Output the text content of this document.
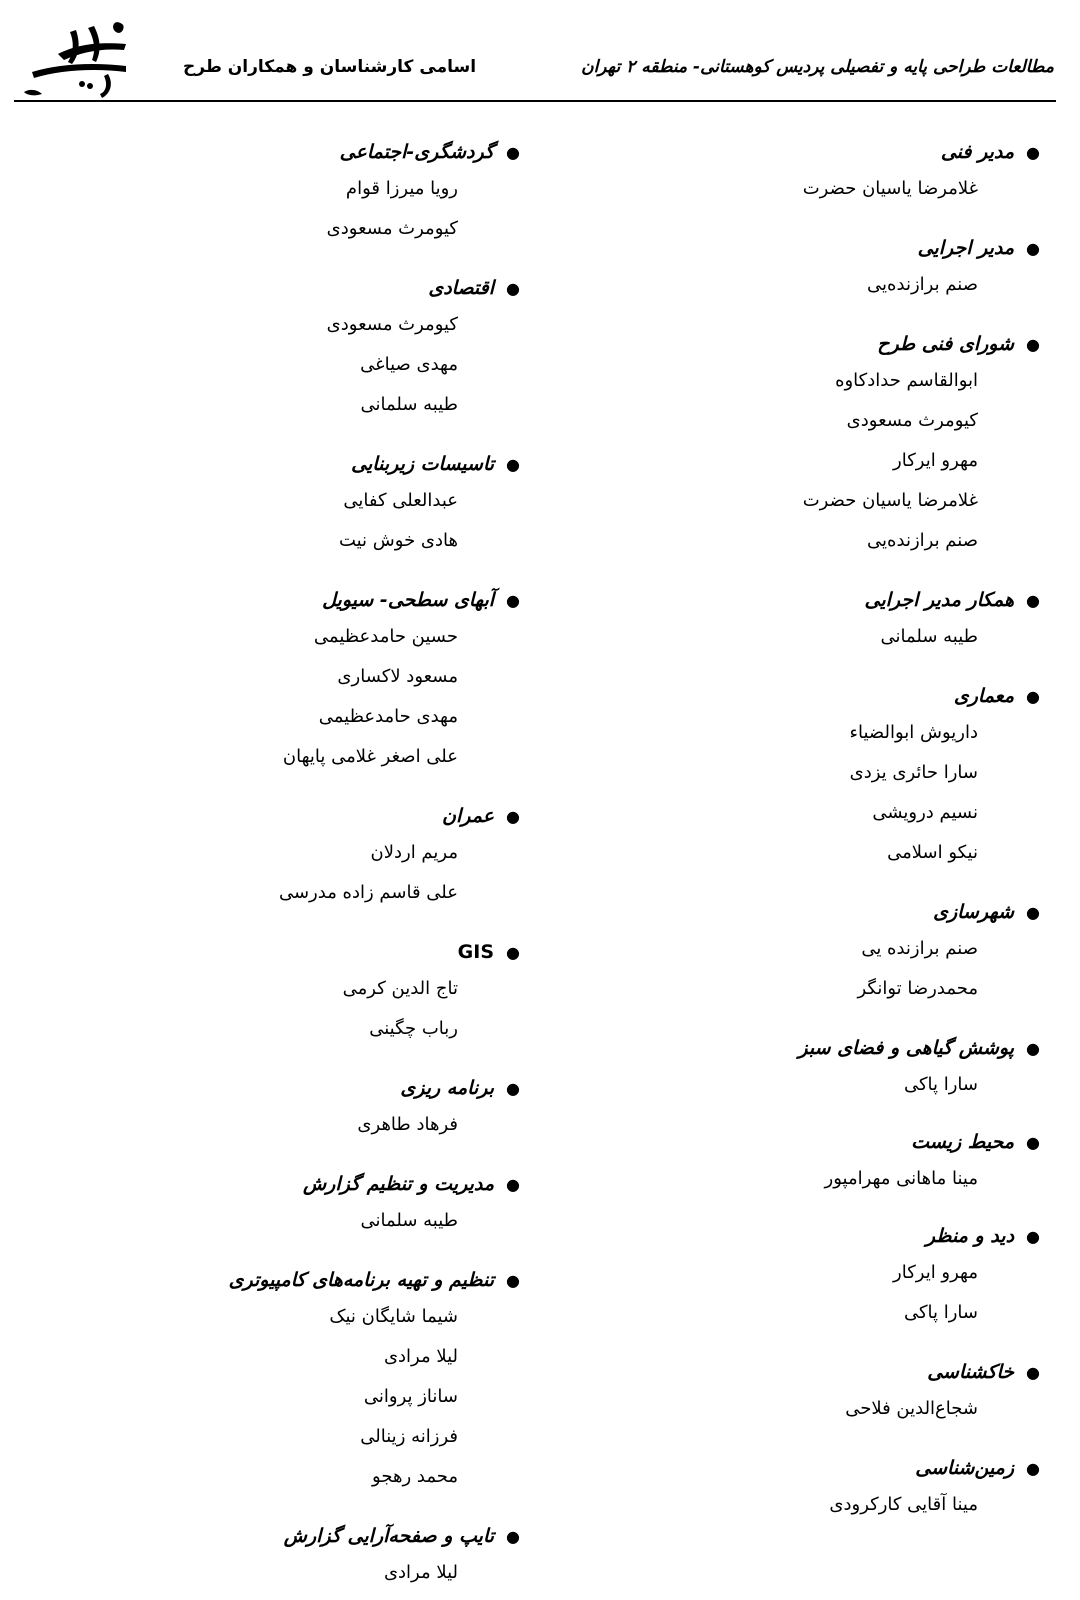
مطالعات طراحی پایه و تفصیلی پردیس کوهستانی- منطقه ۲ تهران
اسامی کارشناسان و همکاران طرح
●
مدیر فنی
غلامرضا یاسیان حضرت
●
مدیر اجرایی
صنم برازنده‌یی
●
شورای فنی طرح
ابوالقاسم حدادکاوه
کیومرث مسعودی
مهرو ایرکار
غلامرضا یاسیان حضرت
صنم برازنده‌یی
●
همکار مدیر اجرایی
طیبه سلمانی
●
معماری
داریوش ابوالضیاء
سارا حائری یزدی
نسیم درویشی
نیکو اسلامی
●
شهرسازی
صنم برازنده یی
محمدرضا توانگر
●
پوشش گیاهی و فضای سبز
سارا پاکی
●
محیط زیست
مینا ماهانی مهرامپور
●
دید و منظر
مهرو ایرکار
سارا پاکی
●
خاکشناسی
شجاع‌الدین فلاحی
●
زمین‌شناسی
مینا آقایی کارکرودی
●
گردشگری-اجتماعی
رویا میرزا قوام
کیومرث مسعودی
●
اقتصادی
کیومرث مسعودی
مهدی صیاغی
طیبه سلمانی
●
تاسیسات زیربنایی
عبدالعلی کفایی
هادی خوش نیت
●
آبهای سطحی- سیویل
حسین حامدعظیمی
مسعود لاکساری
مهدی حامدعظیمی
علی اصغر غلامی پایهان
●
عمران
مریم اردلان
علی قاسم زاده مدرسی
●
GIS
تاج الدین کرمی
رباب چگینی
●
برنامه ریزی
فرهاد طاهری
●
مدیریت و تنظیم گزارش
طیبه سلمانی
●
تنظیم و تهیه برنامه‌های کامپیوتری
شیما شایگان نیک
لیلا مرادی
ساناز پروانی
فرزانه زینالی
محمد رهجو
●
تایپ و صفحه‌آرایی گزارش
لیلا مرادی
